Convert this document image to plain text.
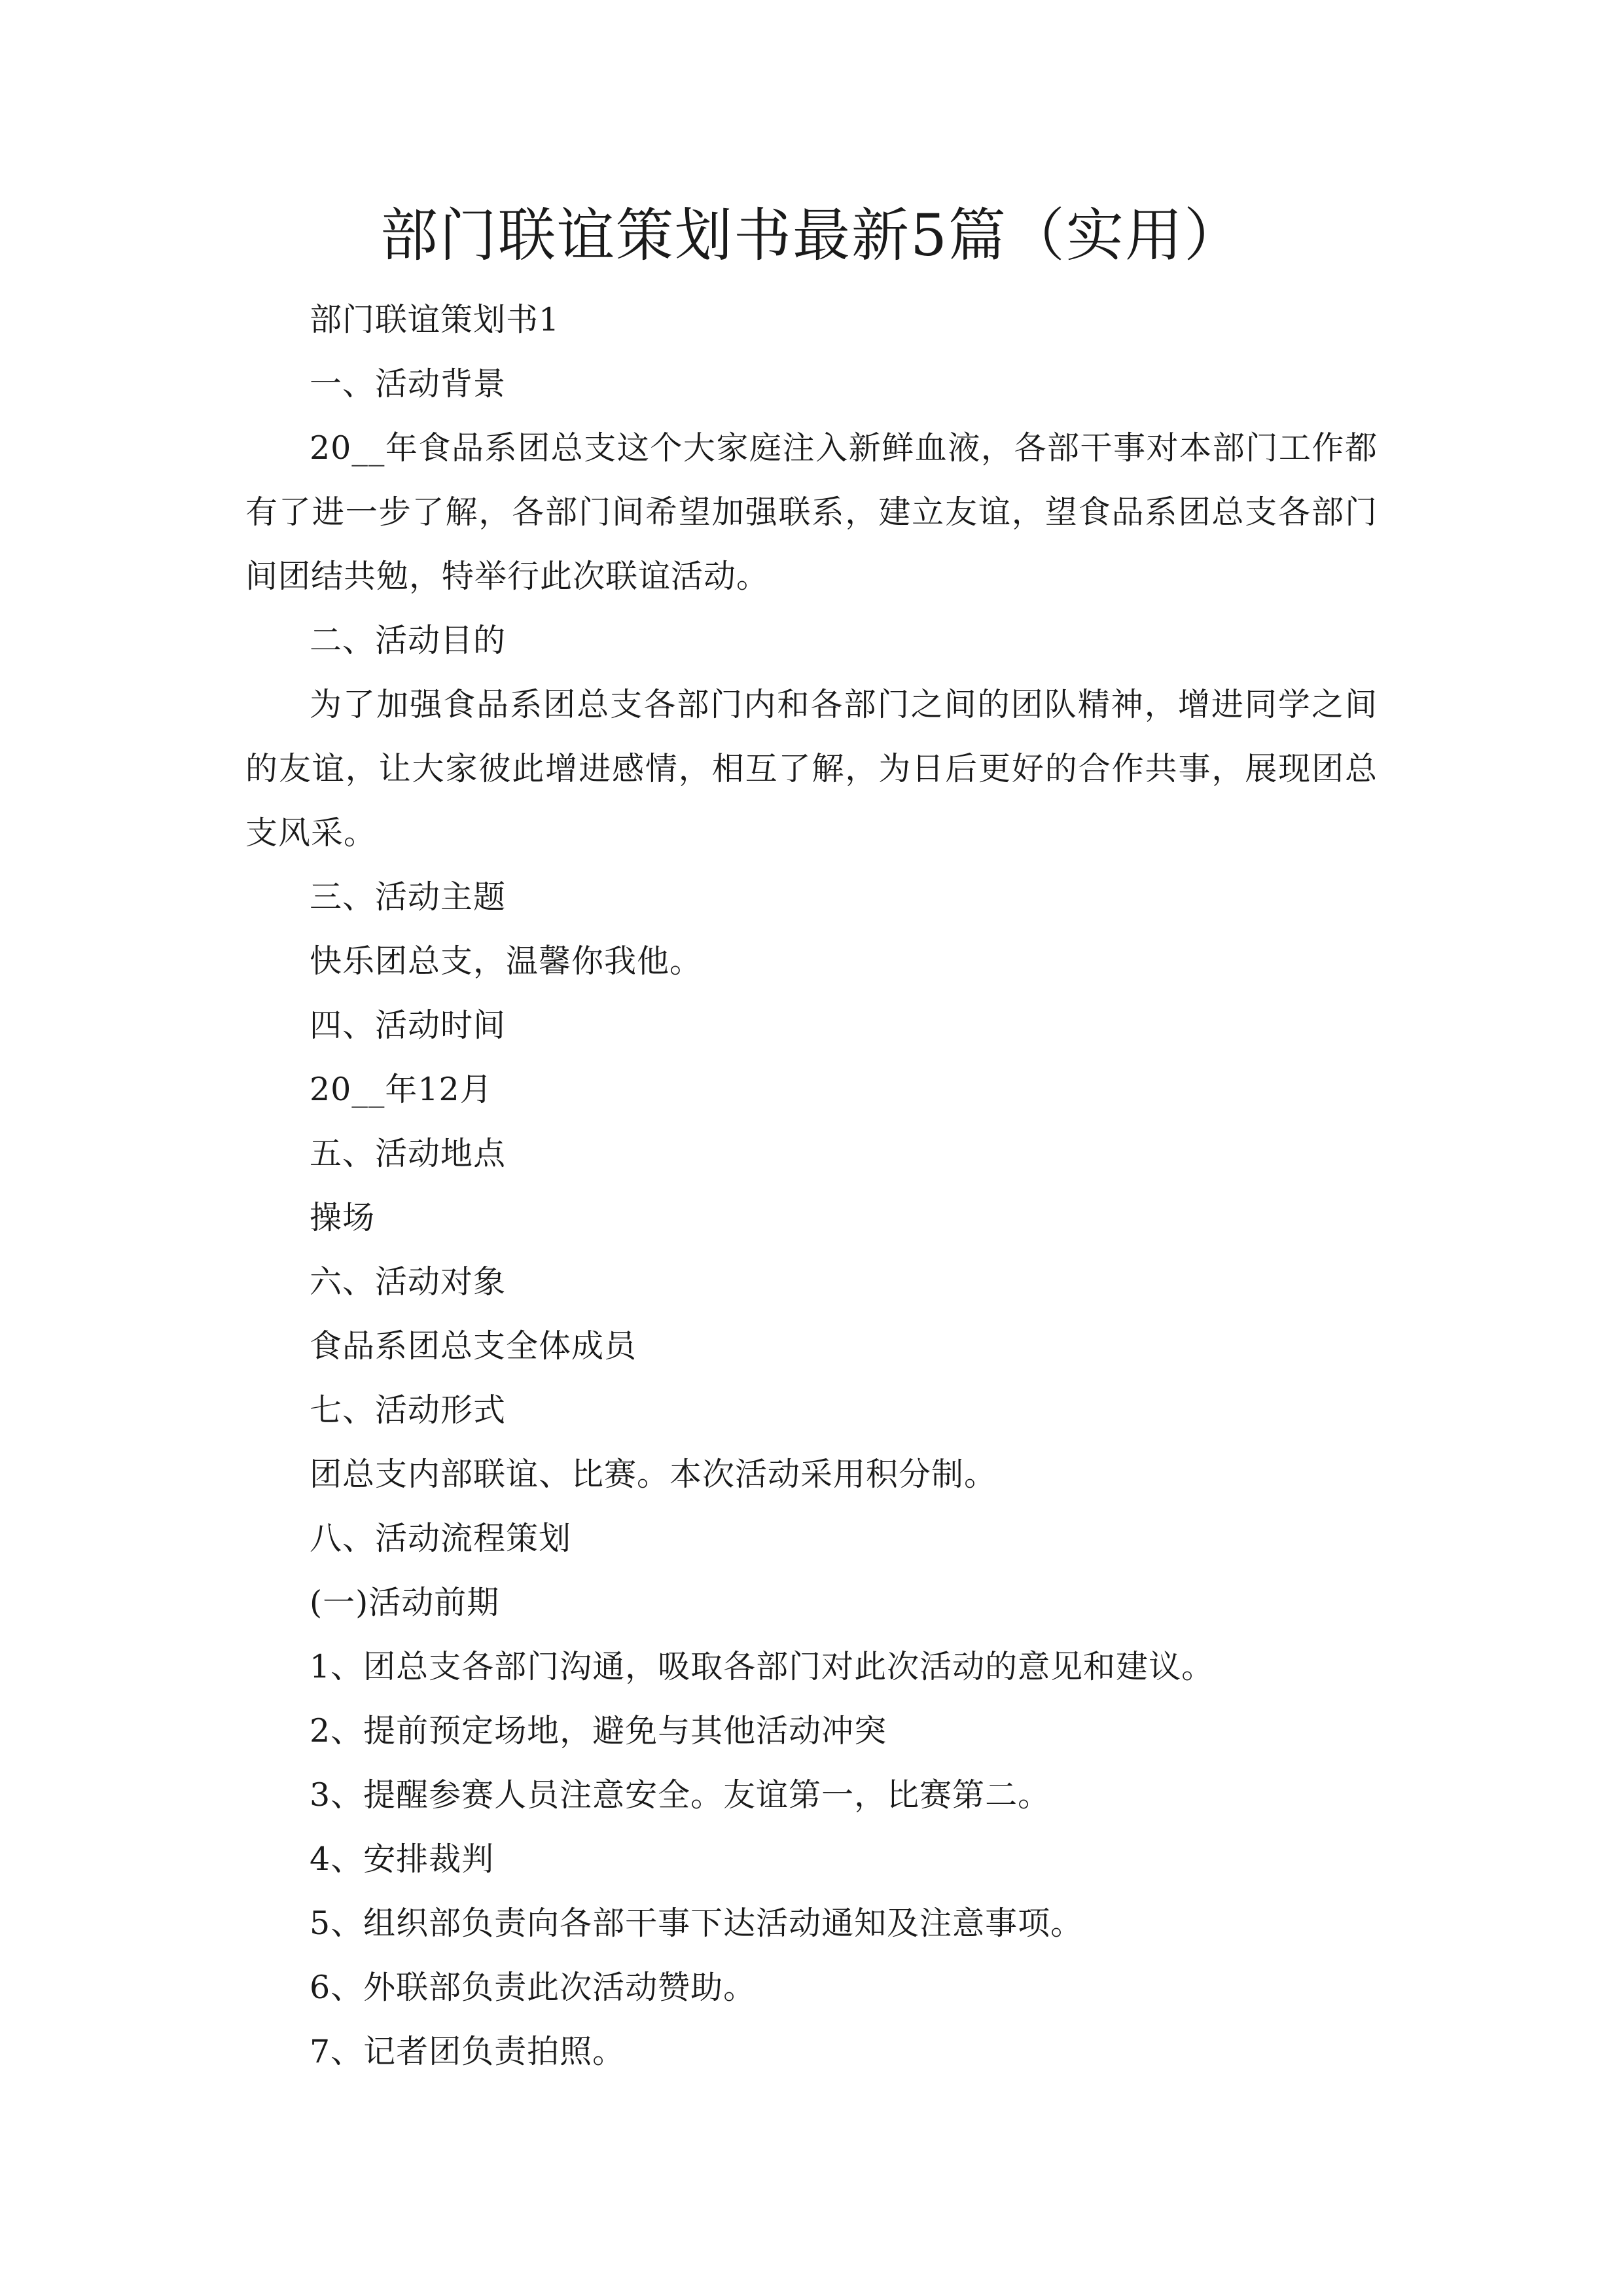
部门联谊策划书最新5篇（实用）

部门联谊策划书1

一、活动背景

20__年食品系团总支这个大家庭注入新鲜血液，各部干事对本部门工作都有了进一步了解，各部门间希望加强联系，建立友谊，望食品系团总支各部门间团结共勉，特举行此次联谊活动。

二、活动目的

为了加强食品系团总支各部门内和各部门之间的团队精神，增进同学之间的友谊，让大家彼此增进感情，相互了解，为日后更好的合作共事，展现团总支风采。

三、活动主题

快乐团总支，温馨你我他。

四、活动时间

20__年12月

五、活动地点

操场

六、活动对象

食品系团总支全体成员

七、活动形式

团总支内部联谊、比赛。本次活动采用积分制。

八、活动流程策划

(一)活动前期

1、团总支各部门沟通，吸取各部门对此次活动的意见和建议。

2、提前预定场地，避免与其他活动冲突

3、提醒参赛人员注意安全。友谊第一，比赛第二。

4、安排裁判

5、组织部负责向各部干事下达活动通知及注意事项。

6、外联部负责此次活动赞助。

7、记者团负责拍照。
